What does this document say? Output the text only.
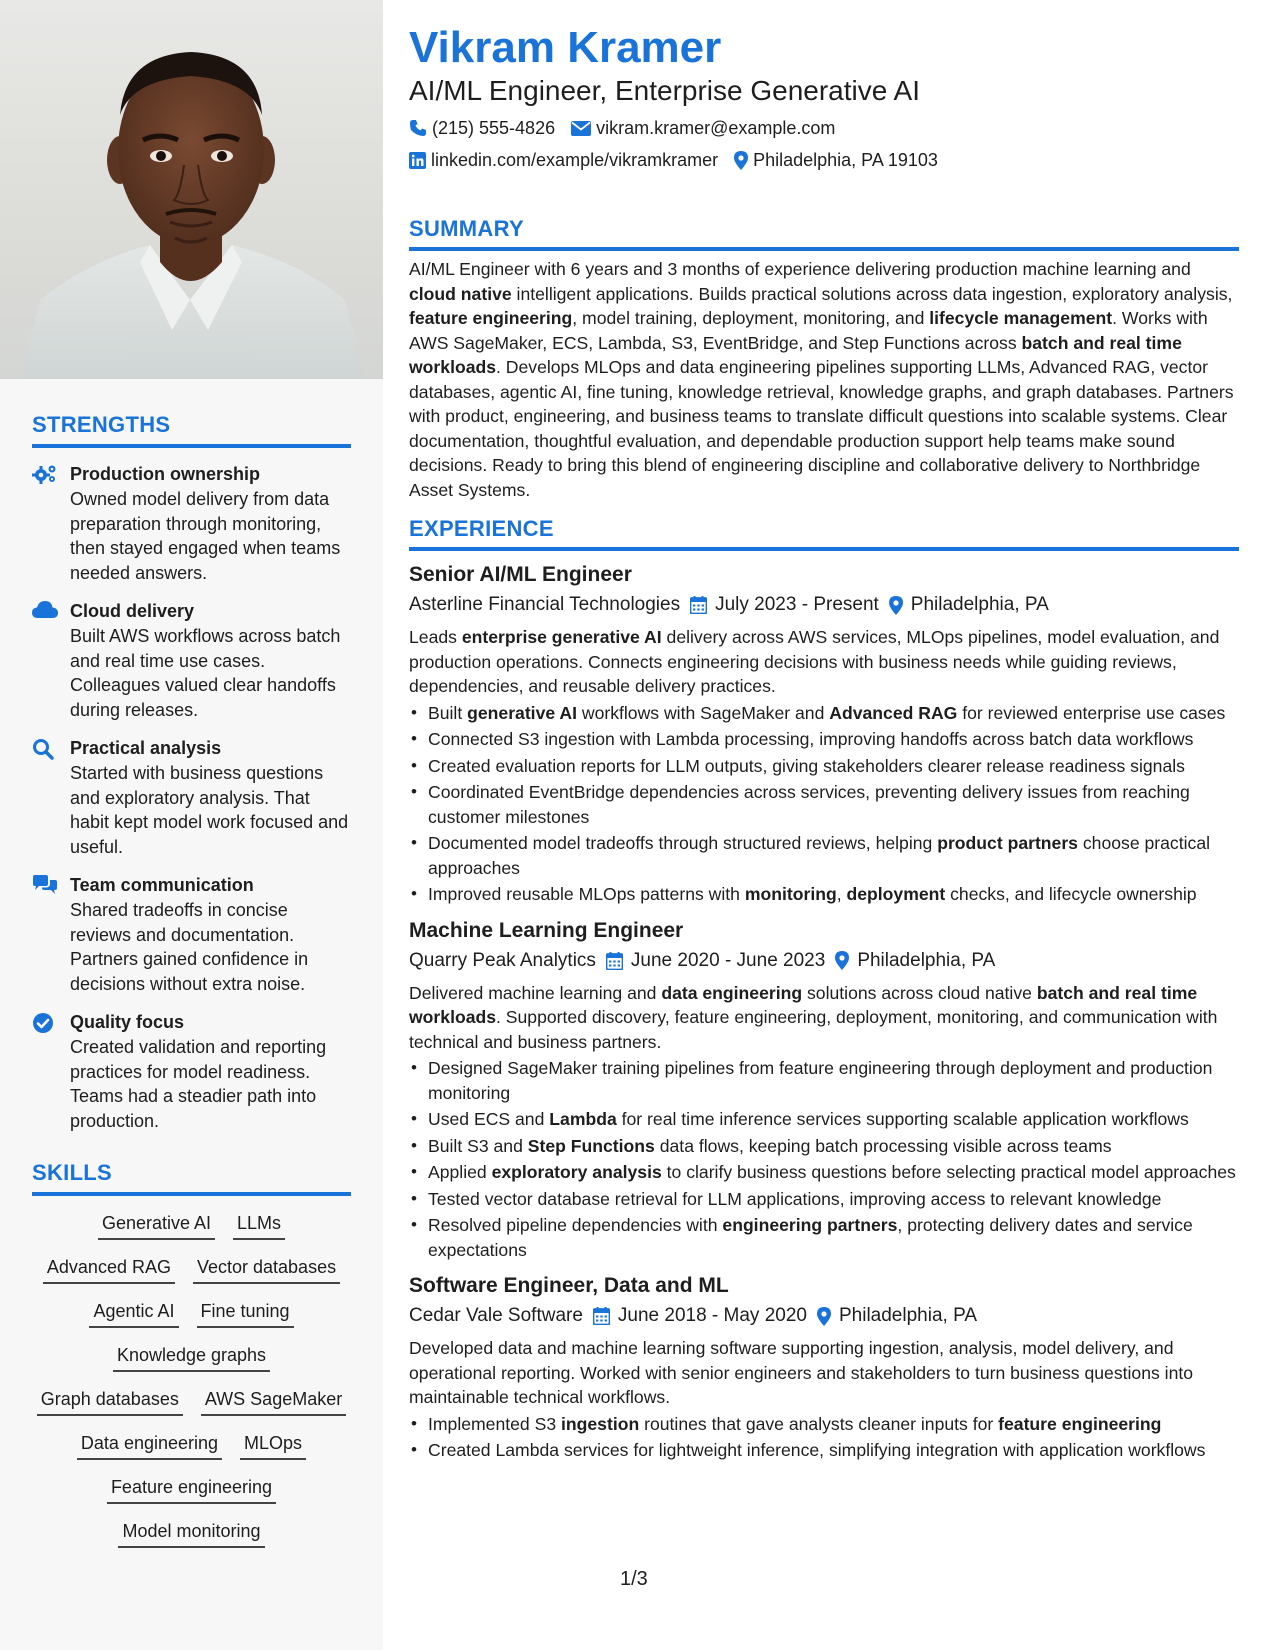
STRENGTHS
Production ownership
Owned model delivery from data preparation through monitoring, then stayed engaged when teams needed answers.
Cloud delivery
Built AWS workflows across batch and real time use cases. Colleagues valued clear handoffs during releases.
Practical analysis
Started with business questions and exploratory analysis. That habit kept model work focused and useful.
Team communication
Shared tradeoffs in concise reviews and documentation. Partners gained confidence in decisions without extra noise.
Quality focus
Created validation and reporting practices for model readiness. Teams had a steadier path into production.
SKILLS
Generative AI LLMs
Advanced RAG Vector databases
Agentic AI Fine tuning
Knowledge graphs
Graph databases AWS SageMaker
Data engineering MLOps
Feature engineering
Model monitoring
Vikram Kramer
AI/ML Engineer, Enterprise Generative AI
(215) 555-4826 vikram.kramer@example.com
linkedin.com/example/vikramkramer Philadelphia, PA 19103
SUMMARY
AI/ML Engineer with 6 years and 3 months of experience delivering production machine learning and cloud native intelligent applications. Builds practical solutions across data ingestion, exploratory analysis, feature engineering, model training, deployment, monitoring, and lifecycle management. Works with AWS SageMaker, ECS, Lambda, S3, EventBridge, and Step Functions across batch and real time workloads. Develops MLOps and data engineering pipelines supporting LLMs, Advanced RAG, vector databases, agentic AI, fine tuning, knowledge retrieval, knowledge graphs, and graph databases. Partners with product, engineering, and business teams to translate difficult questions into scalable systems. Clear documentation, thoughtful evaluation, and dependable production support help teams make sound decisions. Ready to bring this blend of engineering discipline and collaborative delivery to Northbridge Asset Systems.
EXPERIENCE
Senior AI/ML Engineer
Asterline Financial Technologies July 2023 - Present Philadelphia, PA
Leads enterprise generative AI delivery across AWS services, MLOps pipelines, model evaluation, and production operations. Connects engineering decisions with business needs while guiding reviews, dependencies, and reusable delivery practices.
• Built generative AI workflows with SageMaker and Advanced RAG for reviewed enterprise use cases
• Connected S3 ingestion with Lambda processing, improving handoffs across batch data workflows
• Created evaluation reports for LLM outputs, giving stakeholders clearer release readiness signals
• Coordinated EventBridge dependencies across services, preventing delivery issues from reaching customer milestones
• Documented model tradeoffs through structured reviews, helping product partners choose practical approaches
• Improved reusable MLOps patterns with monitoring, deployment checks, and lifecycle ownership
Machine Learning Engineer
Quarry Peak Analytics June 2020 - June 2023 Philadelphia, PA
Delivered machine learning and data engineering solutions across cloud native batch and real time workloads. Supported discovery, feature engineering, deployment, monitoring, and communication with technical and business partners.
• Designed SageMaker training pipelines from feature engineering through deployment and production monitoring
• Used ECS and Lambda for real time inference services supporting scalable application workflows
• Built S3 and Step Functions data flows, keeping batch processing visible across teams
• Applied exploratory analysis to clarify business questions before selecting practical model approaches
• Tested vector database retrieval for LLM applications, improving access to relevant knowledge
• Resolved pipeline dependencies with engineering partners, protecting delivery dates and service expectations
Software Engineer, Data and ML
Cedar Vale Software June 2018 - May 2020 Philadelphia, PA
Developed data and machine learning software supporting ingestion, analysis, model delivery, and operational reporting. Worked with senior engineers and stakeholders to turn business questions into maintainable technical workflows.
• Implemented S3 ingestion routines that gave analysts cleaner inputs for feature engineering
• Created Lambda services for lightweight inference, simplifying integration with application workflows
1/3
